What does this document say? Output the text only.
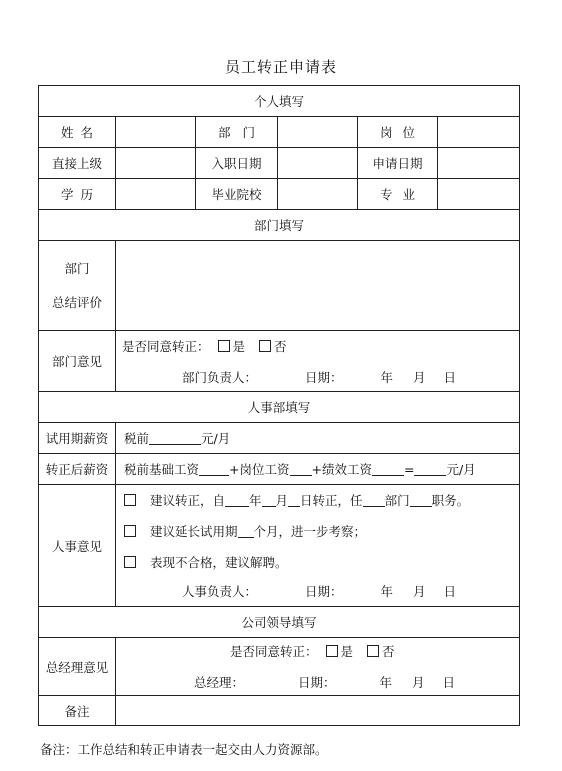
员工转正申请表
个人填写					

姓 名		部 门		岗 位	

直接上级		入职日期		申请日期	

学 历		毕业院校		专 业	

部门填写					

部门
总结评价					

部门意见	是否同意转正： 是 否
部门负责人： 日期： 年 月 日				

人事部填写					
试用期薪资	税前 元/月				
转正后薪资	税前基础工资 +岗位工资 +绩效工资 = 元/月				
人事意见	建议转正，自 年 月 日转正，任 部门 职务。
建议延长试用期 个月，进一步考察；
表现不合格，建议解聘。
人事负责人： 日期： 年 月 日				

公司领导填写					
总经理意见	是否同意转正： 是 否
总经理： 日期： 年 月 日				

备注					
备注：工作总结和转正申请表一起交由人力资源部。
